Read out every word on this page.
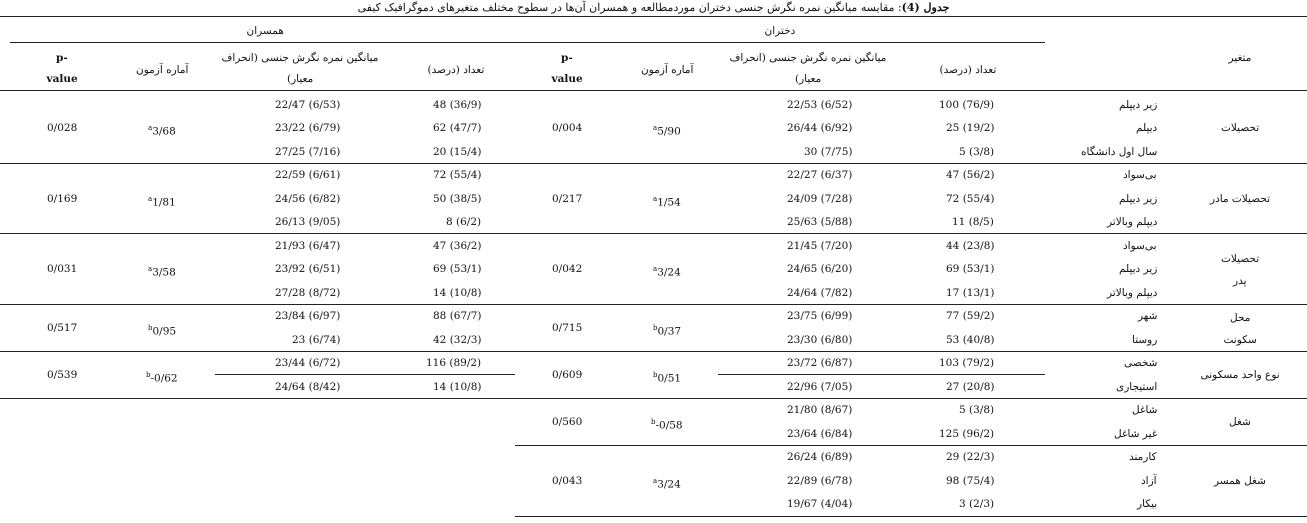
جدول (4): مقایسه میانگین نمره نگرش جنسی دختران موردمطالعه و همسران آن‌ها در سطوح مختلف متغیرهای دموگرافیک کیفی
همسران	دختران
متغیر
تعداد (درصد)
میانگین نمره نگرش جنسی (انحراف
معیار)
آماره آزمون
p-
value
تعداد (درصد)
میانگین نمره نگرش جنسی (انحراف
معیار)
آماره آزمون
p-
value
زیر دیپلم
100 (76/9)
22/53 (6/52)
48 (36/9)
22/47 (6/53)
دیپلم
25 (19/2)
26/44 (6/92)
62 (47/7)
23/22 (6/79)
سال اول دانشگاه
5 (3/8)
30 (7/75)
20 (15/4)
27/25 (7/16)
تحصیلات
$^a$5/90
0/004
$^a$3/68
0/028
بی‌سواد
47 (56/2)
22/27 (6/37)
72 (55/4)
22/59 (6/61)
زیر دیپلم
72 (55/4)
24/09 (7/28)
50 (38/5)
24/56 (6/82)
دیپلم وبالاتر
11 (8/5)
25/63 (5/88)
8 (6/2)
26/13 (9/05)
تحصیلات مادر
$^a$1/54
0/217
$^a$1/81
0/169
بی‌سواد
44 (23/8)
21/45 (7/20)
47 (36/2)
21/93 (6/47)
زیر دیپلم
69 (53/1)
24/65 (6/20)
69 (53/1)
23/92 (6/51)
دیپلم وبالاتر
17 (13/1)
24/64 (7/82)
14 (10/8)
27/28 (8/72)
تحصیلات
پدر
$^a$3/24
0/042
$^a$3/58
0/031
شهر
77 (59/2)
23/75 (6/99)
88 (67/7)
23/84 (6/97)
روستا
53 (40/8)
23/30 (6/80)
42 (32/3)
23 (6/74)
محل
سکونت
$^b$0/37
0/715
$^b$0/95
0/517
شخصی
103 (79/2)
23/72 (6/87)
116 (89/2)
23/44 (6/72)
استیجاری
27 (20/8)
22/96 (7/05)
14 (10/8)
24/64 (8/42)
نوع واحد مسکونی
$^b$0/51
0/609
$^b$-0/62
0/539
شاغل
5 (3/8)
21/80 (8/67)
غیر شاغل
125 (96/2)
23/64 (6/84)
شغل
$^b$-0/58
0/560
کارمند
29 (22/3)
26/24 (6/89)
آزاد
98 (75/4)
22/89 (6/78)
بیکار
3 (2/3)
19/67 (4/04)
شغل همسر
$^a$3/24
0/043
